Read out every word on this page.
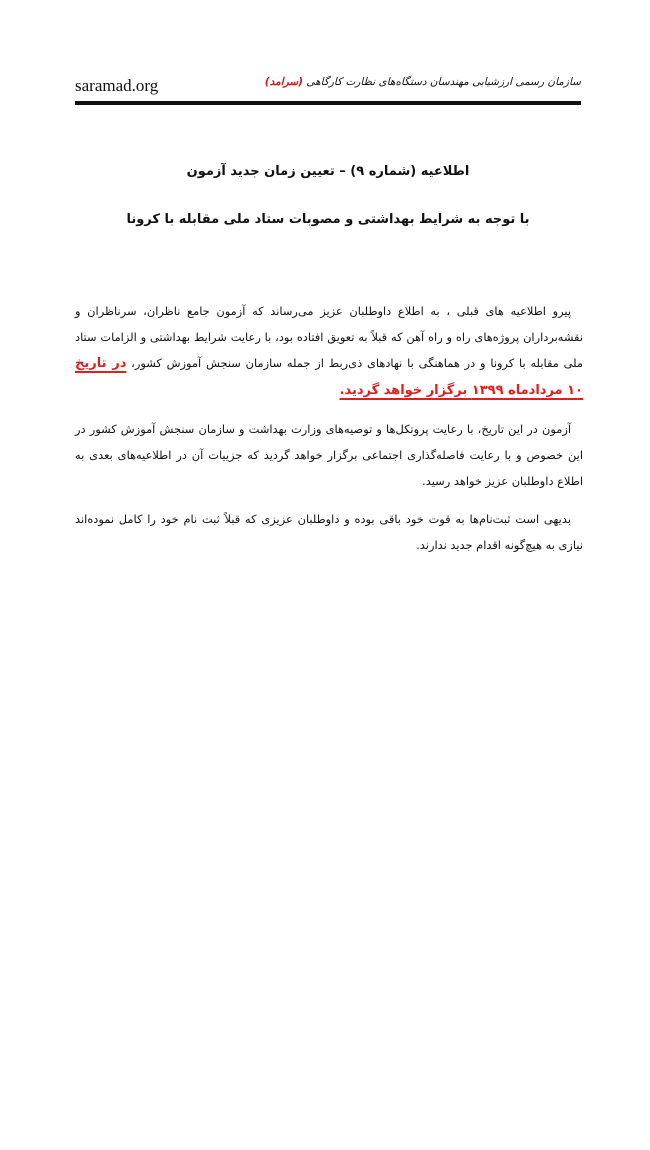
saramad.org	سازمان رسمی ارزشیابی مهندسان دستگاه‌های نظارت کارگاهی (سرامد)
اطلاعیه (شماره ۹) – تعیین زمان جدید آزمون
با توجه به شرایط بهداشتی و مصوبات ستاد ملی مقابله با کرونا

پیرو اطلاعیه های قبلی ، به اطلاع داوطلبان عزیز می‌رساند که آزمون جامع ناظران، سرناظران و نقشه‌برداران پروژه‌های راه و راه آهن که قبلاً به تعویق افتاده بود، با رعایت شرایط بهداشتی و الزامات ستاد ملی مقابله با کرونا و در هماهنگی با نهادهای ذی‌ربط از جمله سازمان سنجش آموزش کشور، در تاریخ ۱۰ مردادماه ۱۳۹۹ برگزار خواهد گردید.

آزمون در این تاریخ، با رعایت پروتکل‌ها و توصیه‌های وزارت بهداشت و سازمان سنجش آموزش کشور در این خصوص و با رعایت فاصله‌گذاری اجتماعی برگزار خواهد گردید که جزییات آن در اطلاعیه‌های بعدی به اطلاع داوطلبان عزیز خواهد رسید.

بدیهی است ثبت‌نام‌ها به قوت خود باقی بوده و داوطلبان عزیزی که قبلاً ثبت نام خود را کامل نموده‌اند نیازی به هیچ‌گونه اقدام جدید ندارند.
